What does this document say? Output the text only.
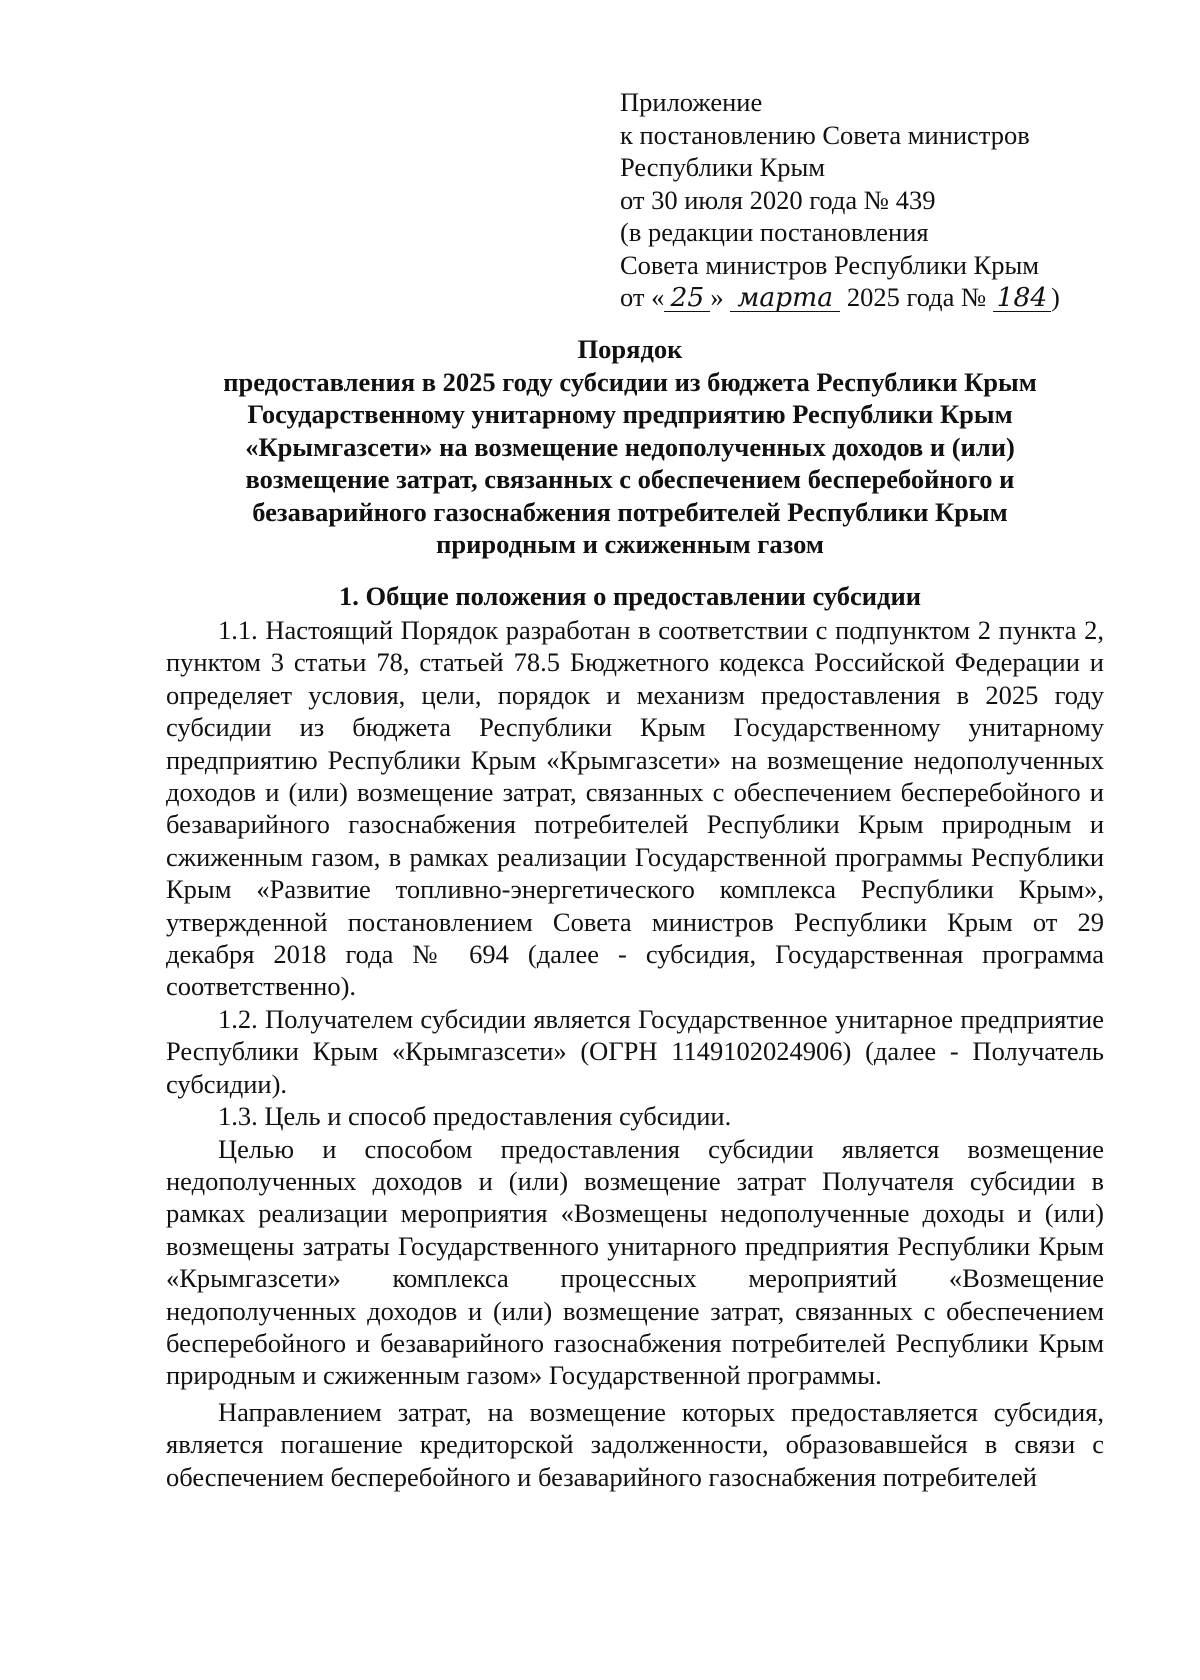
Приложение
к постановлению Совета министров
Республики Крым
от 30 июля 2020 года № 439
(в редакции постановления
Совета министров Республики Крым
от « 25 » марта 2025 года № 184 )
Порядок
предоставления в 2025 году субсидии из бюджета Республики Крым
Государственному унитарному предприятию Республики Крым
«Крымгазсети» на возмещение недополученных доходов и (или)
возмещение затрат, связанных с обеспечением бесперебойного и
безаварийного газоснабжения потребителей Республики Крым
природным и сжиженным газом
1. Общие положения о предоставлении субсидии

1.1. Настоящий Порядок разработан в соответствии с подпунктом 2 пункта 2, пунктом 3 статьи 78, статьей 78.5 Бюджетного кодекса Российской Федерации и определяет условия, цели, порядок и механизм предоставления в 2025 году субсидии из бюджета Республики Крым Государственному унитарному предприятию Республики Крым «Крымгазсети» на возмещение недополученных доходов и (или) возмещение затрат, связанных с обеспечением бесперебойного и безаварийного газоснабжения потребителей Республики Крым природным и сжиженным газом, в рамках реализации Государственной программы Республики Крым «Развитие топливно-энергетического комплекса Республики Крым», утвержденной постановлением Совета министров Республики Крым от 29 декабря 2018 года № 694 (далее - субсидия, Государственная программа соответственно).

1.2. Получателем субсидии является Государственное унитарное предприятие Республики Крым «Крымгазсети» (ОГРН 1149102024906) (далее - Получатель субсидии).

1.3. Цель и способ предоставления субсидии.

Целью и способом предоставления субсидии является возмещение недополученных доходов и (или) возмещение затрат Получателя субсидии в рамках реализации мероприятия «Возмещены недополученные доходы и (или) возмещены затраты Государственного унитарного предприятия Республики Крым «Крымгазсети» комплекса процессных мероприятий «Возмещение недополученных доходов и (или) возмещение затрат, связанных с обеспечением бесперебойного и безаварийного газоснабжения потребителей Республики Крым природным и сжиженным газом» Государственной программы.

Направлением затрат, на возмещение которых предоставляется субсидия, является погашение кредиторской задолженности, образовавшейся в связи с обеспечением бесперебойного и безаварийного газоснабжения потребителей
